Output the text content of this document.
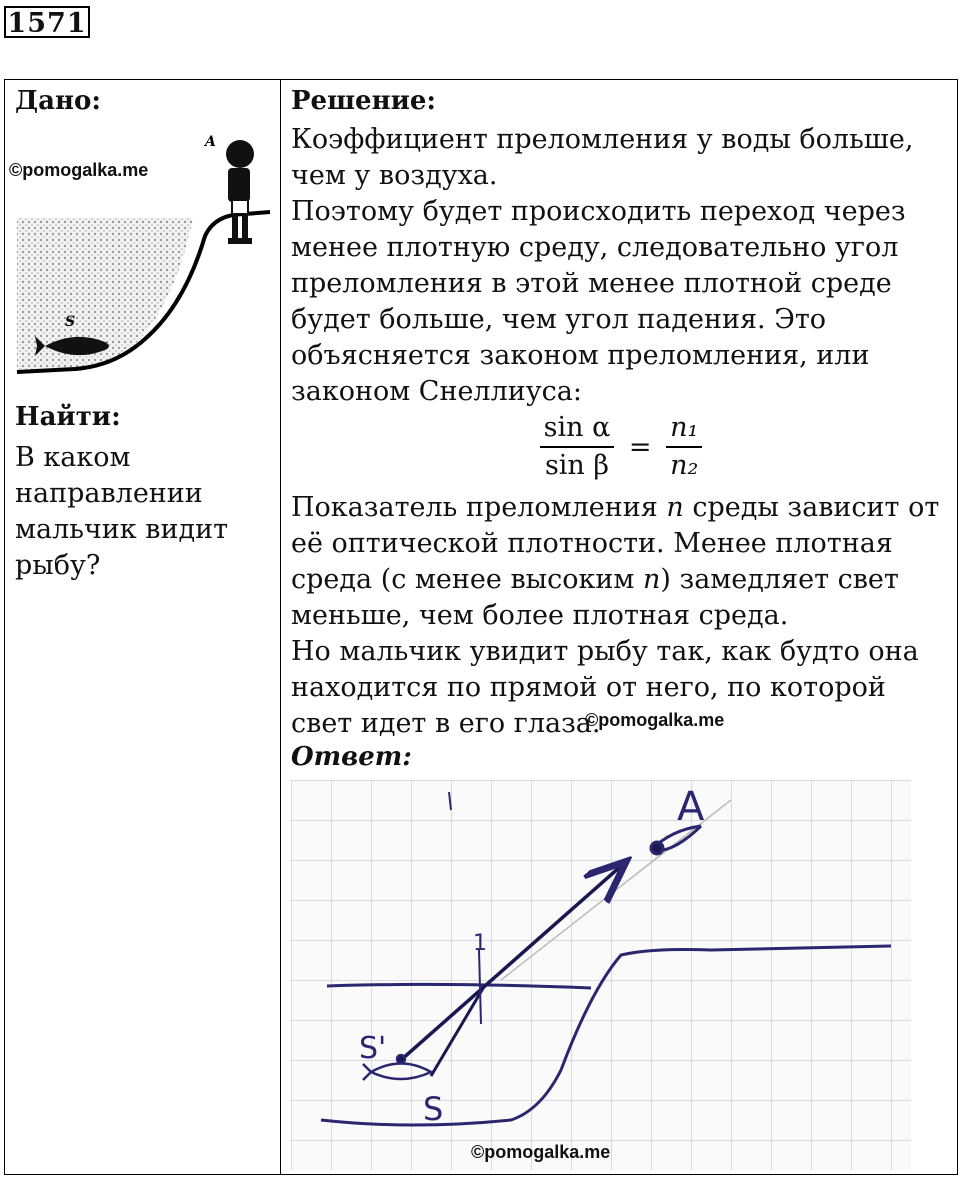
1571
Дано:
©pomogalka.me
S
A
Найти:
В каком направлении мальчик видит рыбу?
Решение:
Коэффициент преломления у воды больше, чем у воздуха.
Поэтому будет происходить переход через менее плотную среду, следовательно угол преломления в этой менее плотной среде будет больше, чем угол падения. Это объясняется законом преломления, или законом Снеллиуса:
$\frac{\text{sin α}}{\text{sin β}} = \frac{\text{n₁}}{\text{n₂}}$
Показатель преломления n среды зависит от её оптической плотности. Менее плотная среда (с менее высоким n) замедляет свет меньше, чем более плотная среда.
Но мальчик увидит рыбу так, как будто она находится по прямой от него, по которой свет идет в его глаза.
©pomogalka.me
Ответ:
A
S'
S
1
©pomogalka.me
